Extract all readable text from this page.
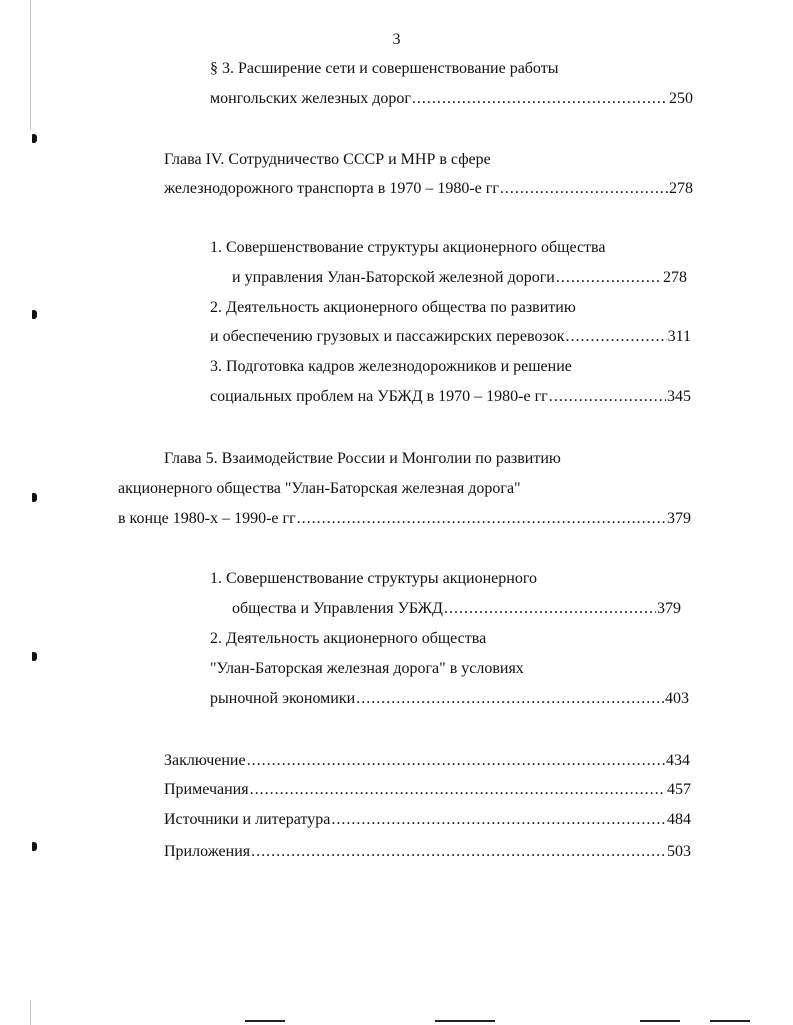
3
§ 3. Расширение сети и совершенствование работы
монгольских железных дорог .....	250
Глава IV. Сотрудничество СССР и МНР в сфере
железнодорожного транспорта в 1970 – 1980-е гг .....	278
1. Совершенствование структуры акционерного общества
и управления Улан-Баторской железной дороги .....	278
2. Деятельность акционерного общества по развитию
и обеспечению грузовых и пассажирских перевозок .....	311
3. Подготовка кадров железнодорожников и решение
социальных проблем на УБЖД в 1970 – 1980-е гг .....	345
Глава 5. Взаимодействие России и Монголии по развитию
акционерного общества "Улан-Баторская железная дорога"
в конце 1980-х – 1990-е гг .....	379
1. Совершенствование структуры акционерного
общества и Управления УБЖД .....	379
2. Деятельность акционерного общества
"Улан-Баторская железная дорога" в условиях
рыночной экономики .....	403
Заключение .....	434
Примечания .....	457
Источники и литература .....	484
Приложения .....	503
